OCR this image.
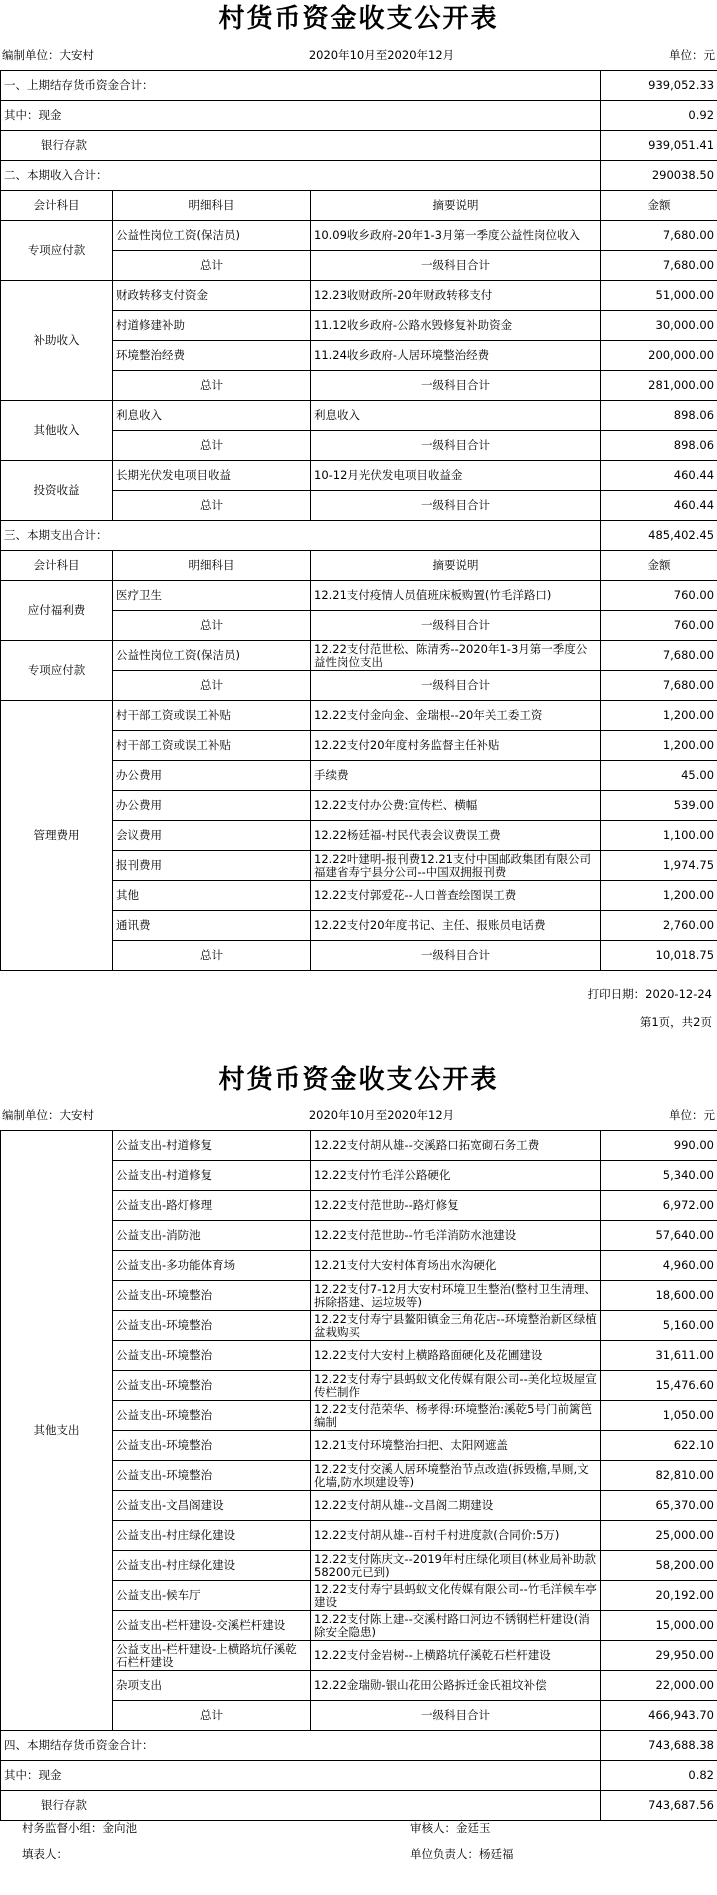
村货币资金收支公开表
编制单位：大安村	2020年10月至2020年12月	单位：元
一、上期结存货币资金合计：			939,052.33
其中：现金			0.92
银行存款			939,051.41
二、本期收入合计：			290038.50
会计科目	明细科目	摘要说明	金额
专项应付款	公益性岗位工资(保洁员)	10.09收乡政府-20年1-3月第一季度公益性岗位收入	7,680.00
	总计	一级科目合计	7,680.00
补助收入	财政转移支付资金	12.23收财政所-20年财政转移支付	51,000.00
	村道修建补助	11.12收乡政府-公路水毁修复补助资金	30,000.00
	环境整治经费	11.24收乡政府-人居环境整治经费	200,000.00
	总计	一级科目合计	281,000.00
其他收入	利息收入	利息收入	898.06
	总计	一级科目合计	898.06
投资收益	长期光伏发电项目收益	10-12月光伏发电项目收益金	460.44
	总计	一级科目合计	460.44
三、本期支出合计：			485,402.45
会计科目	明细科目	摘要说明	金额
应付福利费	医疗卫生	12.21支付疫情人员值班床板购置(竹毛洋路口)	760.00
	总计	一级科目合计	760.00
专项应付款	公益性岗位工资(保洁员)	12.22支付范世松、陈清秀--2020年1-3月第一季度公益性岗位支出	7,680.00
	总计	一级科目合计	7,680.00
管理费用	村干部工资或误工补贴	12.22支付金向金、金瑞根--20年关工委工资	1,200.00
	村干部工资或误工补贴	12.22支付20年度村务监督主任补贴	1,200.00
	办公费用	手续费	45.00
	办公费用	12.22支付办公费:宣传栏、横幅	539.00
	会议费用	12.22杨廷福-村民代表会议费误工费	1,100.00
	报刊费用	12.22叶建明-报刊费12.21支付中国邮政集团有限公司福建省寿宁县分公司--中国双拥报刊费	1,974.75
	其他	12.22支付郭爱花--人口普查绘图误工费	1,200.00
	通讯费	12.22支付20年度书记、主任、报账员电话费	2,760.00
	总计	一级科目合计	10,018.75
打印日期：2020-12-24
第1页，共2页
村货币资金收支公开表
编制单位：大安村	2020年10月至2020年12月	单位：元
其他支出	公益支出-村道修复	12.22支付胡从雄--交溪路口拓宽砌石务工费	990.00
	公益支出-村道修复	12.22支付竹毛洋公路硬化	5,340.00
	公益支出-路灯修理	12.22支付范世助--路灯修复	6,972.00
	公益支出-消防池	12.22支付范世助--竹毛洋消防水池建设	57,640.00
	公益支出-多功能体育场	12.21支付大安村体育场出水沟硬化	4,960.00
	公益支出-环境整治	12.22支付7-12月大安村环境卫生整治(整村卫生清理、拆除搭建、运垃圾等)	18,600.00
	公益支出-环境整治	12.22支付寿宁县鳌阳镇金三角花店--环境整治新区绿植盆栽购买	5,160.00
	公益支出-环境整治	12.22支付大安村上横路路面硬化及花圃建设	31,611.00
	公益支出-环境整治	12.22支付寿宁县蚂蚁文化传媒有限公司--美化垃圾屋宣传栏制作	15,476.60
	公益支出-环境整治	12.22支付范荣华、杨孝得:环境整治:溪乾5号门前篱笆编制	1,050.00
	公益支出-环境整治	12.21支付环境整治扫把、太阳网遮盖	622.10
	公益支出-环境整治	12.22支付交溪人居环境整治节点改造(拆毁檐,旱厕,文化墙,防水坝建设等)	82,810.00
	公益支出-文昌阁建设	12.22支付胡从雄--文昌阁二期建设	65,370.00
	公益支出-村庄绿化建设	12.22支付胡从雄--百村千村进度款(合同价:5万)	25,000.00
	公益支出-村庄绿化建设	12.22支付陈庆文--2019年村庄绿化项目(林业局补助款58200元已到)	58,200.00
	公益支出-候车厅	12.22支付寿宁县蚂蚁文化传媒有限公司--竹毛洋候车亭建设	20,192.00
	公益支出-栏杆建设-交溪栏杆建设	12.22支付陈上建--交溪村路口河边不锈钢栏杆建设(消除安全隐患)	15,000.00
	公益支出-栏杆建设-上横路坑仔溪乾石栏杆建设	12.22支付金岩树--上横路坑仔溪乾石栏杆建设	29,950.00
	杂项支出	12.22金瑞勋-银山花田公路拆迁金氏祖坟补偿	22,000.00
	总计	一级科目合计	466,943.70
四、本期结存货币资金合计：			743,688.38
其中：现金			0.82
银行存款			743,687.56
村务监督小组：金向池	审核人：金廷玉
填表人：	单位负责人：杨廷福
